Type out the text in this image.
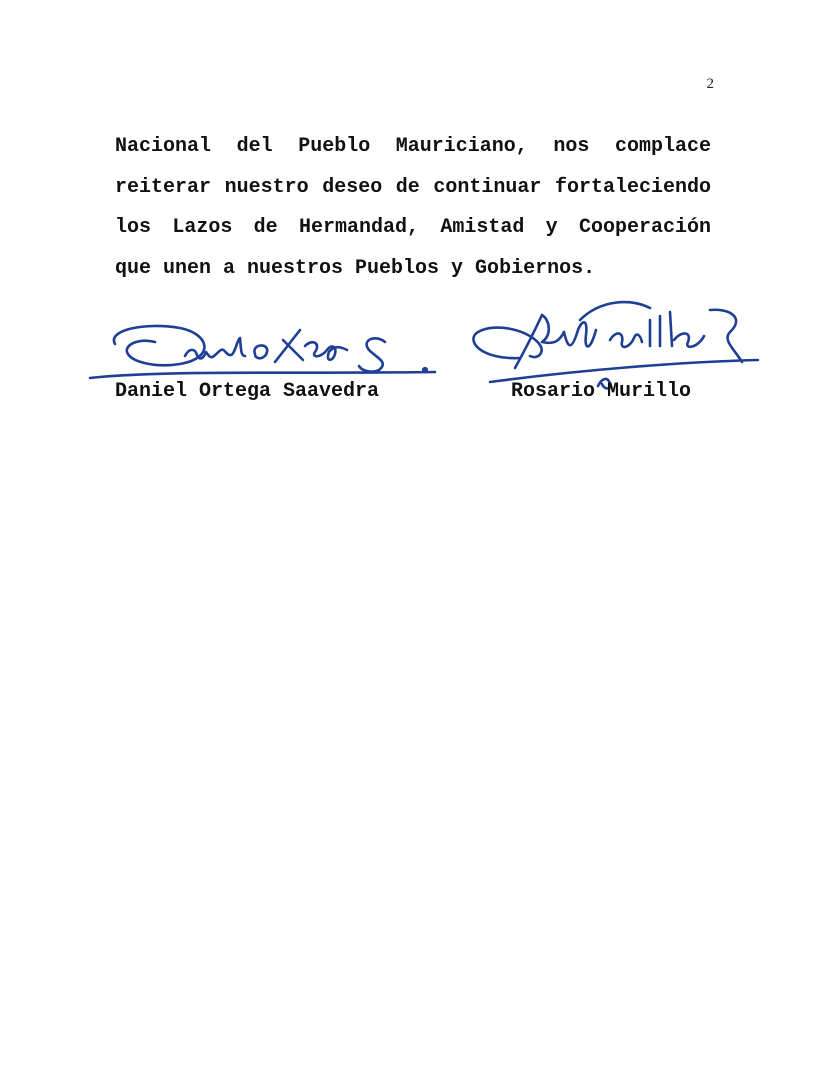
2
Nacional del Pueblo Mauriciano, nos complace
reiterar nuestro deseo de continuar fortaleciendo
los Lazos de Hermandad, Amistad y Cooperación
que unen a nuestros Pueblos y Gobiernos.
Daniel Ortega Saavedra	Rosario Murillo
